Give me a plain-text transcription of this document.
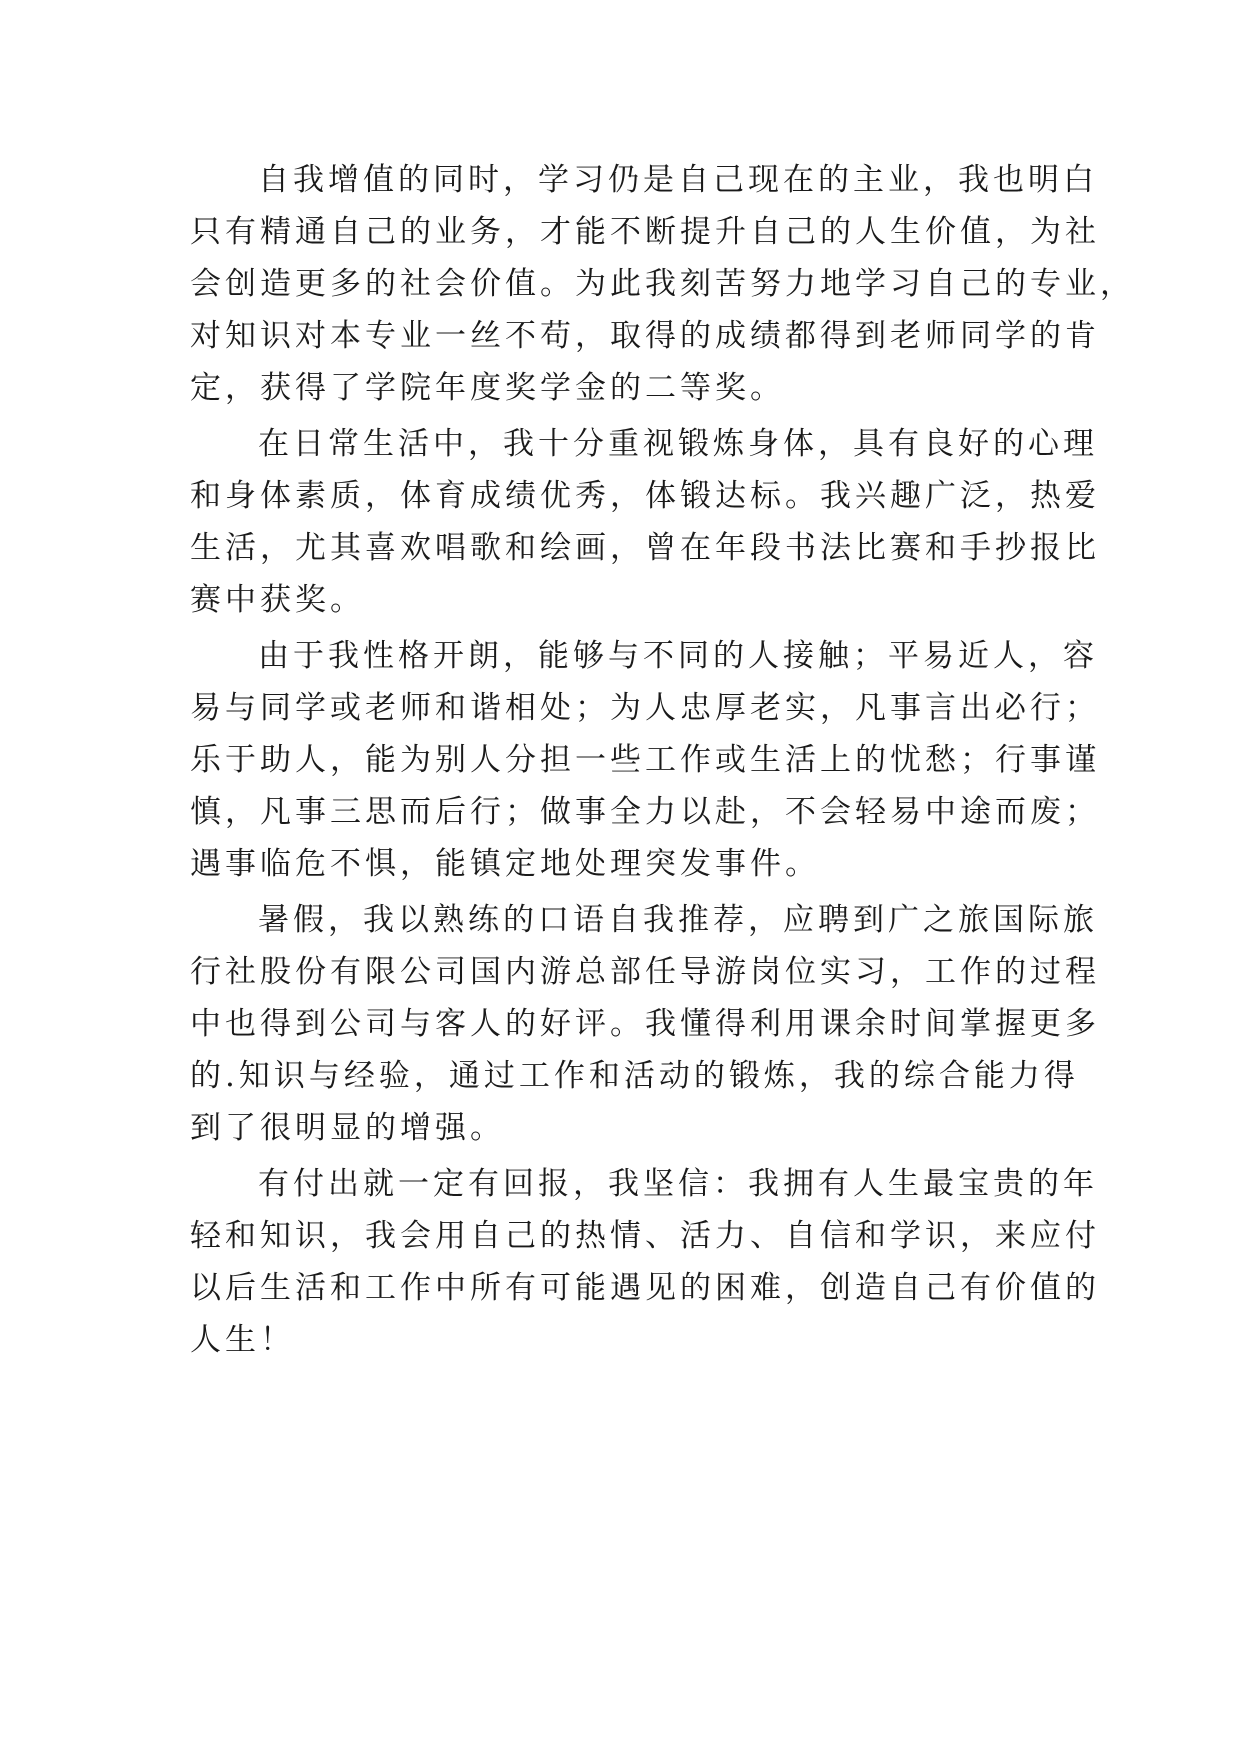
自我增值的同时，学习仍是自己现在的主业，我也明白
只有精通自己的业务，才能不断提升自己的人生价值，为社
会创造更多的社会价值。为此我刻苦努力地学习自己的专业，
对知识对本专业一丝不苟，取得的成绩都得到老师同学的肯
定，获得了学院年度奖学金的二等奖。
在日常生活中，我十分重视锻炼身体，具有良好的心理
和身体素质，体育成绩优秀，体锻达标。我兴趣广泛，热爱
生活，尤其喜欢唱歌和绘画，曾在年段书法比赛和手抄报比
赛中获奖。
由于我性格开朗，能够与不同的人接触；平易近人，容
易与同学或老师和谐相处；为人忠厚老实，凡事言出必行；
乐于助人，能为别人分担一些工作或生活上的忧愁；行事谨
慎，凡事三思而后行；做事全力以赴，不会轻易中途而废；
遇事临危不惧，能镇定地处理突发事件。
暑假，我以熟练的口语自我推荐，应聘到广之旅国际旅
行社股份有限公司国内游总部任导游岗位实习，工作的过程
中也得到公司与客人的好评。我懂得利用课余时间掌握更多
的.知识与经验，通过工作和活动的锻炼，我的综合能力得
到了很明显的增强。
有付出就一定有回报，我坚信：我拥有人生最宝贵的年
轻和知识，我会用自己的热情、活力、自信和学识，来应付
以后生活和工作中所有可能遇见的困难，创造自己有价值的
人生！
